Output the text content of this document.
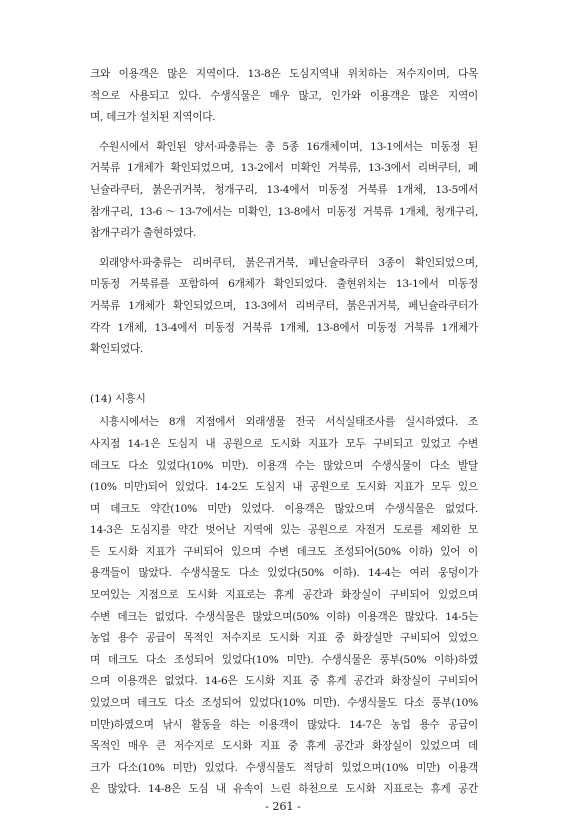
크와 이용객은 많은 지역이다. 13-8은 도심지역내 위치하는 저수지이며, 다목
적으로 사용되고 있다. 수생식물은 매우 많고, 인가와 이용객은 많은 지역이
며, 데크가 설치된 지역이다.

수원시에서 확인된 양서·파충류는 총 5종 16개체이며, 13-1에서는 미동정 된
거북류 1개체가 확인되었으며, 13-2에서 미확인 거북류, 13-3에서 리버쿠터, 페
닌슐라쿠터, 붉은귀거북, 청개구리, 13-4에서 미동정 거북류 1개체, 13-5에서
참개구리, 13-6～13-7에서는 미확인, 13-8에서 미동정 거북류 1개체, 청개구리,
참개구리가 출현하였다.

외래양서·파충류는 리버쿠터, 붉은귀거북, 페닌슐라쿠터 3종이 확인되었으며,
미동정 거북류를 포함하여 6개체가 확인되었다. 출현위치는 13-1에서 미동정
거북류 1개체가 확인되었으며, 13-3에서 리버쿠터, 붉은귀거북, 페닌슐라쿠터가
각각 1개체, 13-4에서 미동정 거북류 1개체, 13-8에서 미동정 거북류 1개체가
확인되었다.

(14) 시흥시

시흥시에서는 8개 지점에서 외래생물 전국 서식실태조사를 실시하였다. 조
사지점 14-1은 도심지 내 공원으로 도시화 지표가 모두 구비되고 있었고 수변
데크도 다소 있었다(10% 미만). 이용객 수는 많았으며 수생식물이 다소 발달
(10% 미만)되어 있었다. 14-2도 도심지 내 공원으로 도시화 지표가 모두 있으
며 데크도 약간(10% 미만) 있었다. 이용객은 많았으며 수생식물은 없었다.
14-3은 도심지를 약간 벗어난 지역에 있는 공원으로 자전거 도로를 제외한 모
든 도시화 지표가 구비되어 있으며 수변 데크도 조성되어(50% 이하) 있어 이
용객들이 많았다. 수생식물도 다소 있었다(50% 이하). 14-4는 여러 웅덩이가
모여있는 지점으로 도시화 지표로는 휴게 공간과 화장실이 구비되어 있었으며
수변 데크는 없었다. 수생식물은 많았으며(50% 이하) 이용객은 많았다. 14-5는
농업 용수 공급이 목적인 저수지로 도시화 지표 중 화장실만 구비되어 있었으
며 데크도 다소 조성되어 있었다(10% 미만). 수생식물은 풍부(50% 이하)하였
으며 이용객은 없었다. 14-6은 도시화 지표 중 휴게 공간과 화장실이 구비되어
있었으며 데크도 다소 조성되어 있었다(10% 미만). 수생식물도 다소 풍부(10%
미만)하였으며 낚시 활동을 하는 이용객이 많았다. 14-7은 농업 용수 공급이
목적인 매우 큰 저수지로 도시화 지표 중 휴게 공간과 화장실이 있었으며 데
크가 다소(10% 미만) 있었다. 수생식물도 적당히 있었으며(10% 미만) 이용객
은 많았다. 14-8은 도심 내 유속이 느린 하천으로 도시화 지표로는 휴게 공간

- 261 -
